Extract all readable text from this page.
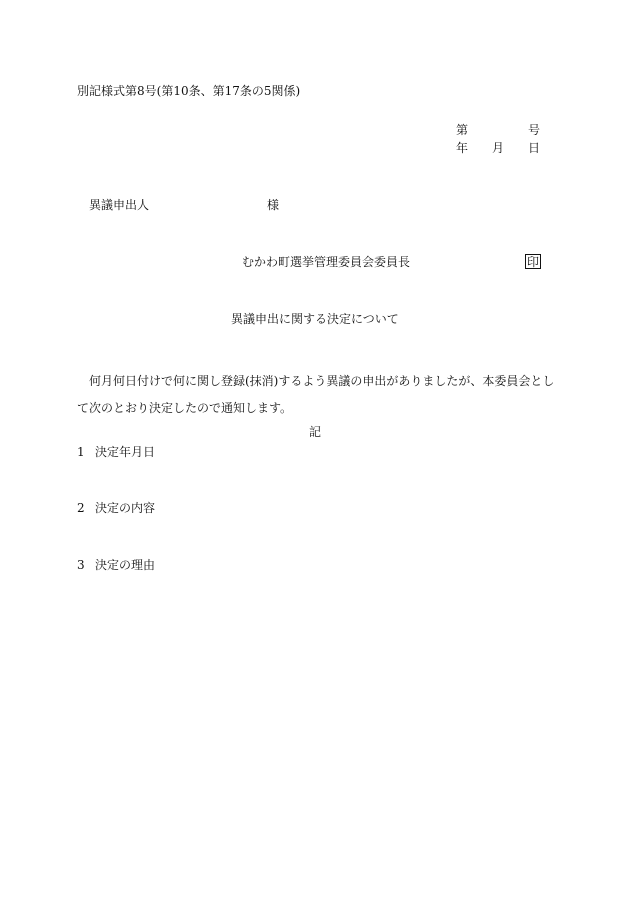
別記様式第8号(第10条、第17条の5関係)
第	号
年 月 日
異議申出人	様
むかわ町選挙管理委員会委員長	印
異議申出に関する決定について
何月何日付けで何に関し登録(抹消)するよう異議の申出がありましたが、本委員会とし
て次のとおり決定したので通知します。
記
1 決定年月日
2 決定の内容
3 決定の理由
